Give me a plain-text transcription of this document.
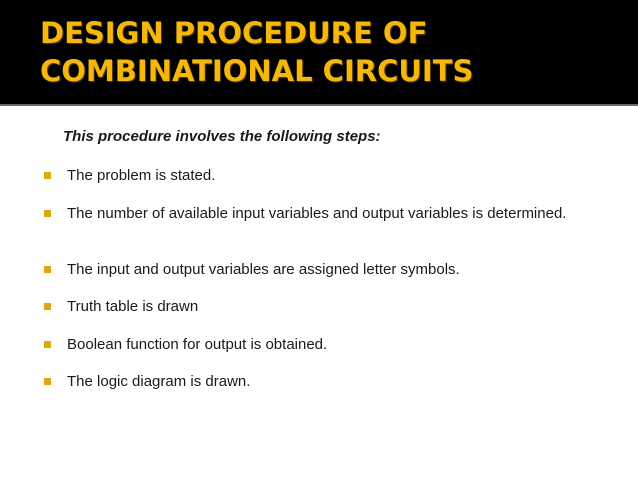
DESIGN PROCEDURE OF
COMBINATIONAL CIRCUITS

This procedure involves the following steps:

The problem is stated.
The number of available input variables and output variables is determined.
The input and output variables are assigned letter symbols.
Truth table is drawn
Boolean function for output is obtained.
The logic diagram is drawn.
